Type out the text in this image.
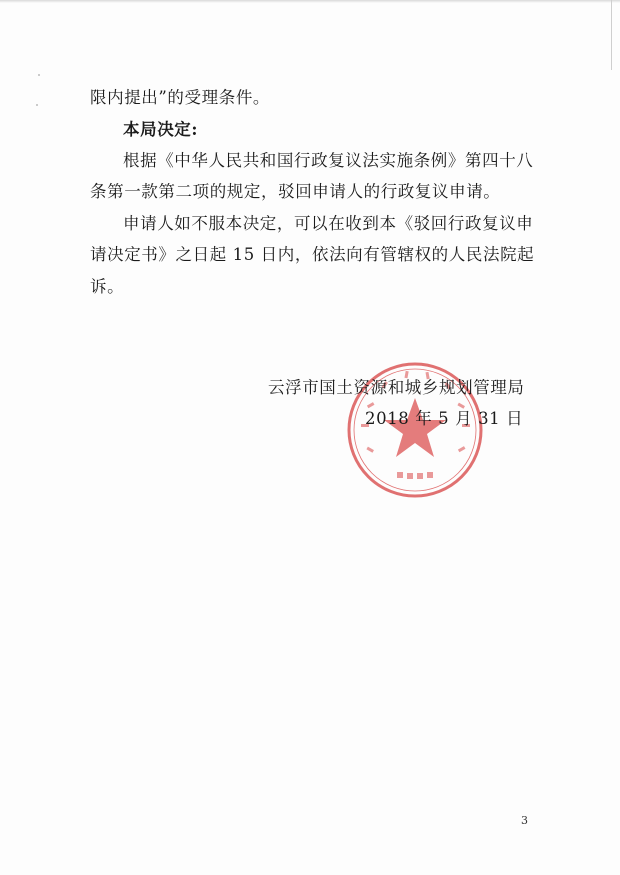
限内提出”的受理条件。
本局决定:
根据《中华人民共和国行政复议法实施条例》第四十八
条第一款第二项的规定，驳回申请人的行政复议申请。
申请人如不服本决定，可以在收到本《驳回行政复议申
请决定书》之日起 15 日内，依法向有管辖权的人民法院起
诉。
云浮市国土资源和城乡规划管理局
2018 年 5 月 31 日
3
